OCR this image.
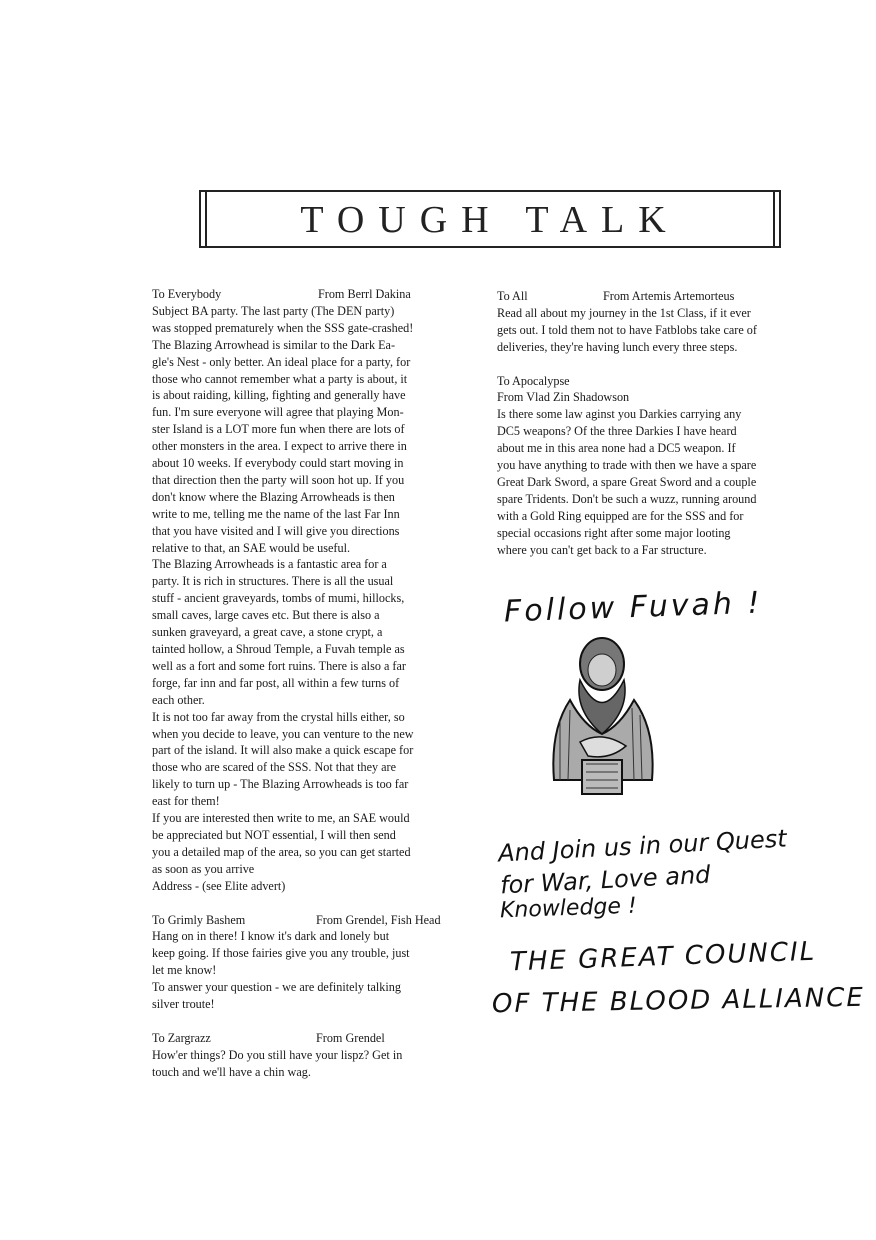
TOUGH TALK
To Everybody	From Berrl Dakina
Subject BA party. The last party (The DEN party)
was stopped prematurely when the SSS gate-crashed!
The Blazing Arrowhead is similar to the Dark Ea-
gle's Nest - only better. An ideal place for a party, for
those who cannot remember what a party is about, it
is about raiding, killing, fighting and generally have
fun. I'm sure everyone will agree that playing Mon-
ster Island is a LOT more fun when there are lots of
other monsters in the area. I expect to arrive there in
about 10 weeks. If everybody could start moving in
that direction then the party will soon hot up. If you
don't know where the Blazing Arrowheads is then
write to me, telling me the name of the last Far Inn
that you have visited and I will give you directions
relative to that, an SAE would be useful.
The Blazing Arrowheads is a fantastic area for a
party. It is rich in structures. There is all the usual
stuff - ancient graveyards, tombs of mumi, hillocks,
small caves, large caves etc. But there is also a
sunken graveyard, a great cave, a stone crypt, a
tainted hollow, a Shroud Temple, a Fuvah temple as
well as a fort and some fort ruins. There is also a far
forge, far inn and far post, all within a few turns of
each other.
It is not too far away from the crystal hills either, so
when you decide to leave, you can venture to the new
part of the island. It will also make a quick escape for
those who are scared of the SSS. Not that they are
likely to turn up - The Blazing Arrowheads is too far
east for them!
If you are interested then write to me, an SAE would
be appreciated but NOT essential, I will then send
you a detailed map of the area, so you can get started
as soon as you arrive
Address - (see Elite advert)
To Grimly Bashem	From Grendel, Fish Head
Hang on in there! I know it's dark and lonely but
keep going. If those fairies give you any trouble, just
let me know!
To answer your question - we are definitely talking
silver troute!
To Zargrazz	From Grendel
How'er things? Do you still have your lispz? Get in
touch and we'll have a chin wag.
To All	From Artemis Artemorteus
Read all about my journey in the 1st Class, if it ever
gets out. I told them not to have Fatblobs take care of
deliveries, they're having lunch every three steps.
To Apocalypse
From Vlad Zin Shadowson
Is there some law aginst you Darkies carrying any
DC5 weapons? Of the three Darkies I have heard
about me in this area none had a DC5 weapon. If
you have anything to trade with then we have a spare
Great Dark Sword, a spare Great Sword and a couple
spare Tridents. Don't be such a wuzz, running around
with a Gold Ring equipped are for the SSS and for
special occasions right after some major looting
where you can't get back to a Far structure.
Follow Fuvah !
And Join us in our Quest
for War, Love and
Knowledge !
THE GREAT COUNCIL
OF THE BLOOD ALLIANCE
